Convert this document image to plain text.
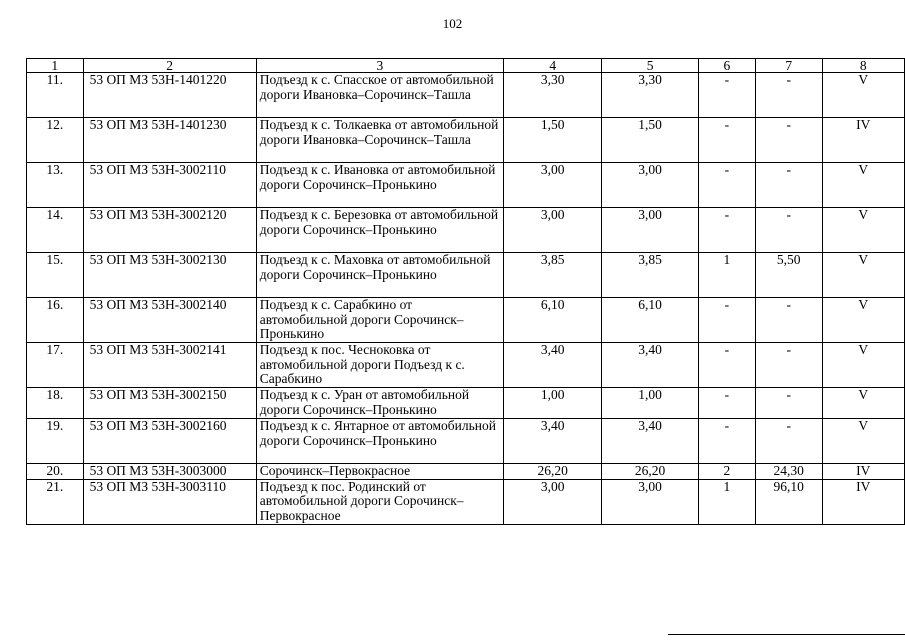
102
1	2	3	4	5	6	7	8
11.	53 ОП МЗ 53Н-1401220	Подъезд к с. Спасское от автомобильной дороги Ивановка–Сорочинск–Ташла	3,30	3,30	-	-	V
12.	53 ОП МЗ 53Н-1401230	Подъезд к с. Толкаевка от автомобильной дороги Ивановка–Сорочинск–Ташла	1,50	1,50	-	-	IV
13.	53 ОП МЗ 53Н-3002110	Подъезд к с. Ивановка от автомобильной дороги Сорочинск–Пронькино	3,00	3,00	-	-	V
14.	53 ОП МЗ 53Н-3002120	Подъезд к с. Березовка от автомобильной дороги Сорочинск–Пронькино	3,00	3,00	-	-	V
15.	53 ОП МЗ 53Н-3002130	Подъезд к с. Маховка от автомобильной дороги Сорочинск–Пронькино	3,85	3,85	1	5,50	V
16.	53 ОП МЗ 53Н-3002140	Подъезд к с. Сарабкино от автомобильной дороги Сорочинск–Пронькино	6,10	6,10	-	-	V
17.	53 ОП МЗ 53Н-3002141	Подъезд к пос. Чесноковка от автомобильной дороги Подъезд к с. Сарабкино	3,40	3,40	-	-	V
18.	53 ОП МЗ 53Н-3002150	Подъезд к с. Уран от автомобильной дороги Сорочинск–Пронькино	1,00	1,00	-	-	V
19.	53 ОП МЗ 53Н-3002160	Подъезд к с. Янтарное от автомобильной дороги Сорочинск–Пронькино	3,40	3,40	-	-	V
20.	53 ОП МЗ 53Н-3003000	Сорочинск–Первокрасное	26,20	26,20	2	24,30	IV
21.	53 ОП МЗ 53Н-3003110	Подъезд к пос. Родинский от автомобильной дороги Сорочинск–Первокрасное	3,00	3,00	1	96,10	IV
